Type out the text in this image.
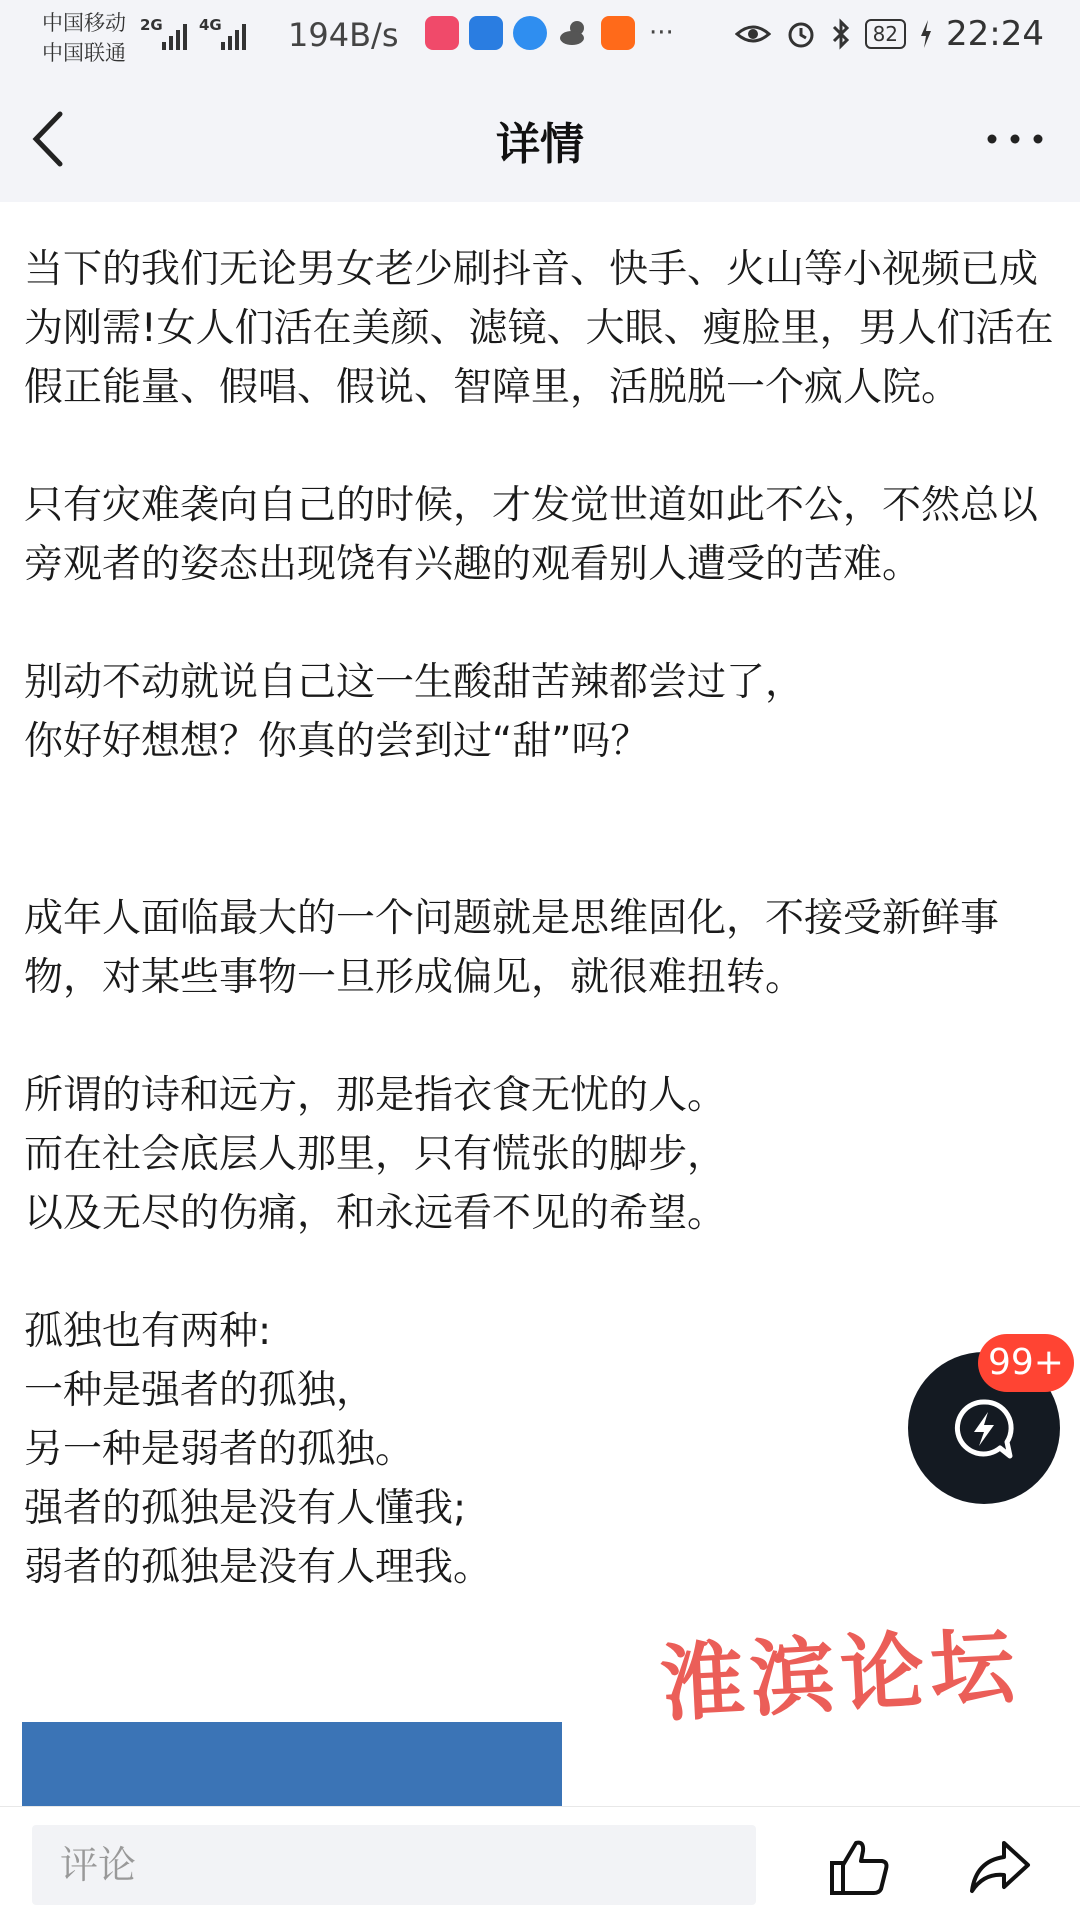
中国移动
中国联通
2G 4G 194B/s	···	82 22:24
详情
当下的我们无论男女老少刷抖音、快手、火山等小视频已成为刚需!女人们活在美颜、滤镜、大眼、瘦脸里，男人们活在假正能量、假唱、假说、智障里，活脱脱一个疯人院。
只有灾难袭向自己的时候，才发觉世道如此不公，不然总以旁观者的姿态出现饶有兴趣的观看别人遭受的苦难。
别动不动就说自己这一生酸甜苦辣都尝过了，
你好好想想？你真的尝到过“甜”吗？
成年人面临最大的一个问题就是思维固化，不接受新鲜事物，对某些事物一旦形成偏见，就很难扭转。
所谓的诗和远方，那是指衣食无忧的人。
而在社会底层人那里，只有慌张的脚步，
以及无尽的伤痛，和永远看不见的希望。
孤独也有两种:
一种是强者的孤独，
另一种是弱者的孤独。
强者的孤独是没有人懂我;
弱者的孤独是没有人理我。
淮滨论坛
99+
评论
